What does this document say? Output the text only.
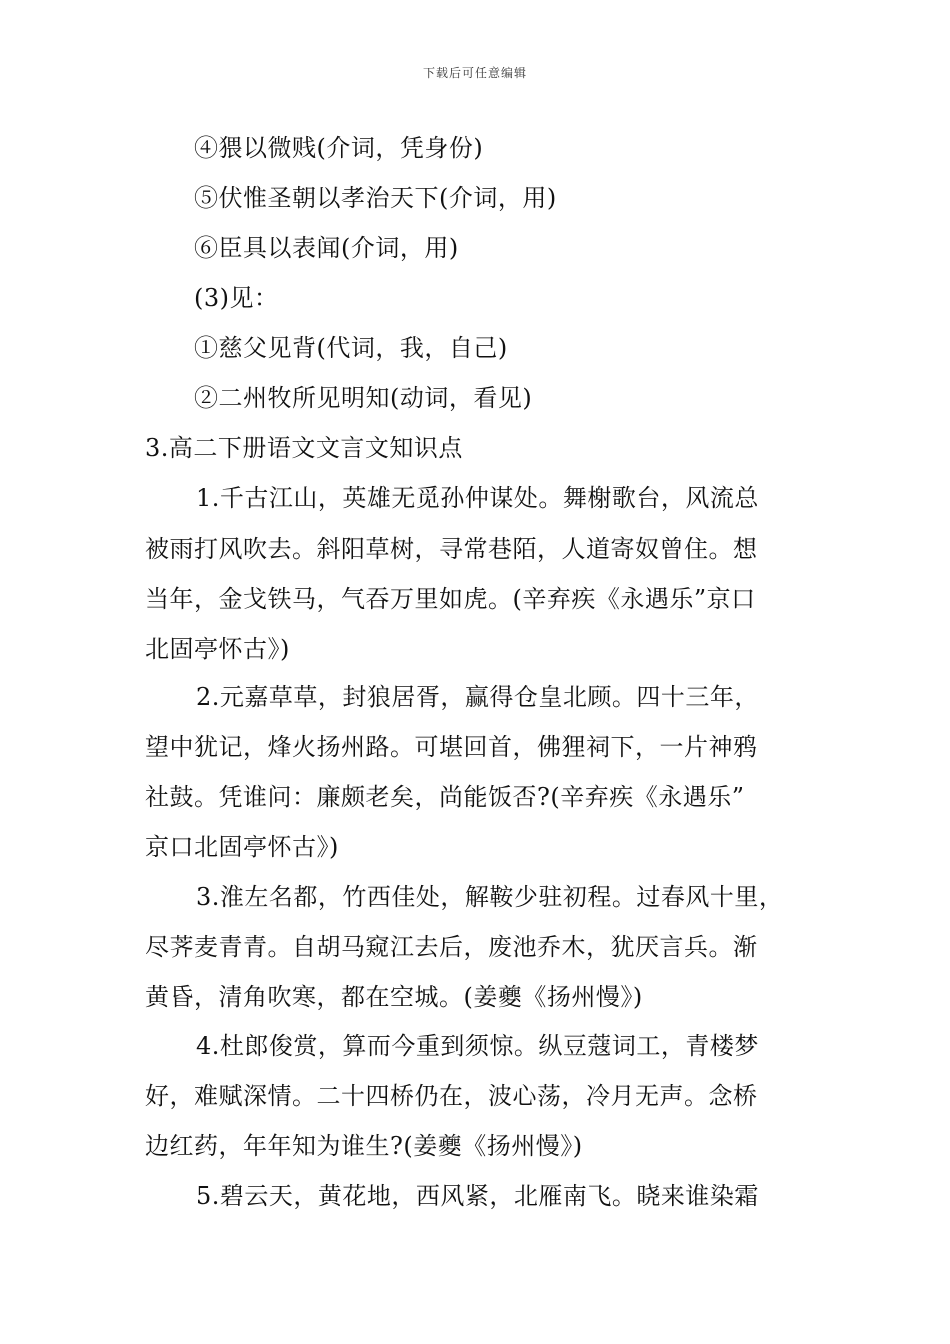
下载后可任意编辑
④猥以微贱(介词，凭身份)
⑤伏惟圣朝以孝治天下(介词，用)
⑥臣具以表闻(介词，用)
(3)见：
①慈父见背(代词，我，自己)
②二州牧所见明知(动词，看见)
3.高二下册语文文言文知识点
1.千古江山，英雄无觅孙仲谋处。舞榭歌台，风流总
被雨打风吹去。斜阳草树，寻常巷陌，人道寄奴曾住。想
当年，金戈铁马，气吞万里如虎。(辛弃疾《永遇乐”京口
北固亭怀古》)
2.元嘉草草，封狼居胥，赢得仓皇北顾。四十三年，
望中犹记，烽火扬州路。可堪回首，佛狸祠下，一片神鸦
社鼓。凭谁问：廉颇老矣，尚能饭否?(辛弃疾《永遇乐”
京口北固亭怀古》)
3.淮左名都，竹西佳处，解鞍少驻初程。过春风十里，
尽荠麦青青。自胡马窥江去后，废池乔木，犹厌言兵。渐
黄昏，清角吹寒，都在空城。(姜夔《扬州慢》)
4.杜郎俊赏，算而今重到须惊。纵豆蔻词工，青楼梦
好，难赋深情。二十四桥仍在，波心荡，冷月无声。念桥
边红药，年年知为谁生?(姜夔《扬州慢》)
5.碧云天，黄花地，西风紧，北雁南飞。晓来谁染霜
